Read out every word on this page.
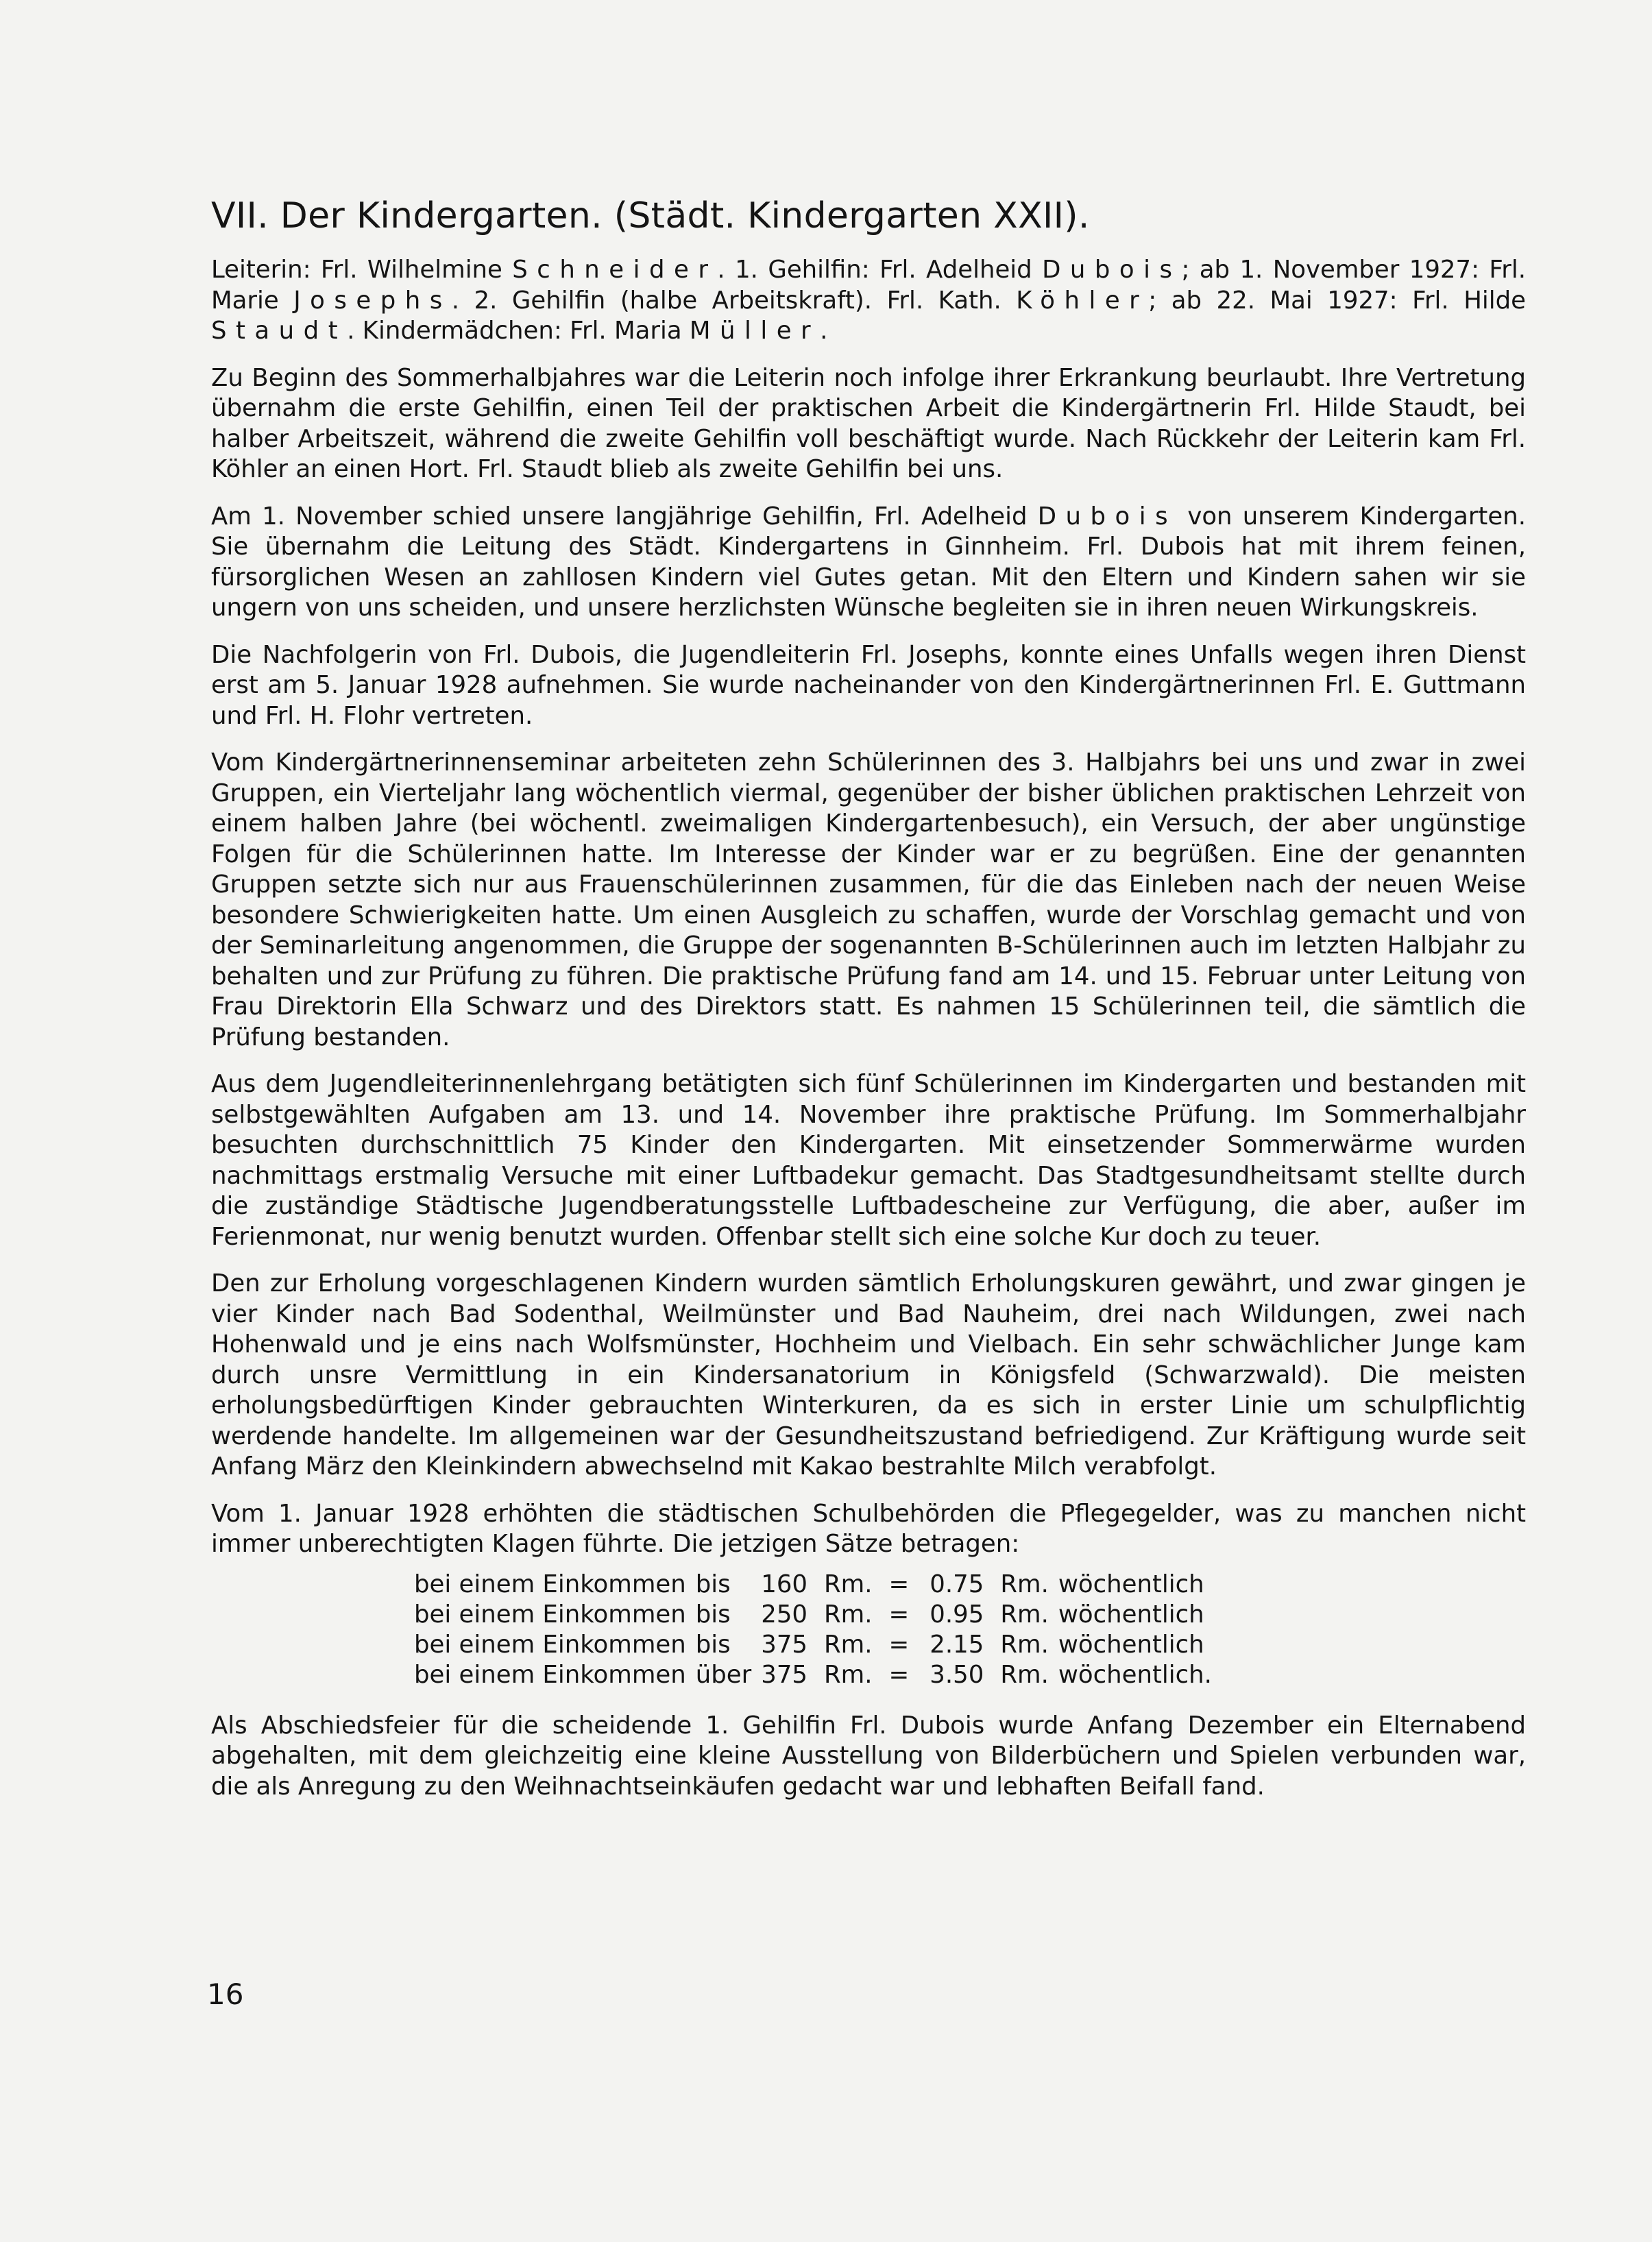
VII. Der Kindergarten. (Städt. Kindergarten XXII).

Leiterin: Frl. Wilhelmine Schneider. 1. Gehilfin: Frl. Adelheid Dubois; ab 1. November 1927: Frl. Marie Josephs. 2. Gehilfin (halbe Arbeitskraft). Frl. Kath. Köhler; ab 22. Mai 1927: Frl. Hilde Staudt. Kindermädchen: Frl. Maria Müller.

Zu Beginn des Sommerhalbjahres war die Leiterin noch infolge ihrer Erkrankung beurlaubt. Ihre Vertretung übernahm die erste Gehilfin, einen Teil der praktischen Arbeit die Kindergärtnerin Frl. Hilde Staudt, bei halber Arbeitszeit, während die zweite Gehilfin voll beschäftigt wurde. Nach Rückkehr der Leiterin kam Frl. Köhler an einen Hort. Frl. Staudt blieb als zweite Gehilfin bei uns.

Am 1. November schied unsere langjährige Gehilfin, Frl. Adelheid Dubois von unserem Kindergarten. Sie übernahm die Leitung des Städt. Kindergartens in Ginnheim. Frl. Dubois hat mit ihrem feinen, fürsorglichen Wesen an zahllosen Kindern viel Gutes getan. Mit den Eltern und Kindern sahen wir sie ungern von uns scheiden, und unsere herzlichsten Wünsche begleiten sie in ihren neuen Wirkungskreis.

Die Nachfolgerin von Frl. Dubois, die Jugendleiterin Frl. Josephs, konnte eines Unfalls wegen ihren Dienst erst am 5. Januar 1928 aufnehmen. Sie wurde nacheinander von den Kindergärtnerinnen Frl. E. Guttmann und Frl. H. Flohr vertreten.

Vom Kindergärtnerinnenseminar arbeiteten zehn Schülerinnen des 3. Halbjahrs bei uns und zwar in zwei Gruppen, ein Vierteljahr lang wöchentlich viermal, gegenüber der bisher üblichen praktischen Lehrzeit von einem halben Jahre (bei wöchentl. zweimaligen Kindergartenbesuch), ein Versuch, der aber ungünstige Folgen für die Schülerinnen hatte. Im Interesse der Kinder war er zu begrüßen. Eine der genannten Gruppen setzte sich nur aus Frauenschülerinnen zusammen, für die das Einleben nach der neuen Weise besondere Schwierigkeiten hatte. Um einen Ausgleich zu schaffen, wurde der Vorschlag gemacht und von der Seminarleitung angenommen, die Gruppe der sogenannten B-Schülerinnen auch im letzten Halbjahr zu behalten und zur Prüfung zu führen. Die praktische Prüfung fand am 14. und 15. Februar unter Leitung von Frau Direktorin Ella Schwarz und des Direktors statt. Es nahmen 15 Schülerinnen teil, die sämtlich die Prüfung bestanden.

Aus dem Jugendleiterinnenlehrgang betätigten sich fünf Schülerinnen im Kindergarten und bestanden mit selbstgewählten Aufgaben am 13. und 14. November ihre praktische Prüfung. Im Sommerhalbjahr besuchten durchschnittlich 75 Kinder den Kindergarten. Mit einsetzender Sommerwärme wurden nachmittags erstmalig Versuche mit einer Luftbadekur gemacht. Das Stadtgesundheitsamt stellte durch die zuständige Städtische Jugendberatungsstelle Luftbadescheine zur Verfügung, die aber, außer im Ferienmonat, nur wenig benutzt wurden. Offenbar stellt sich eine solche Kur doch zu teuer.

Den zur Erholung vorgeschlagenen Kindern wurden sämtlich Erholungskuren gewährt, und zwar gingen je vier Kinder nach Bad Sodenthal, Weilmünster und Bad Nauheim, drei nach Wildungen, zwei nach Hohenwald und je eins nach Wolfsmünster, Hochheim und Vielbach. Ein sehr schwächlicher Junge kam durch unsre Vermittlung in ein Kindersanatorium in Königsfeld (Schwarzwald). Die meisten erholungsbedürftigen Kinder gebrauchten Winterkuren, da es sich in erster Linie um schulpflichtig werdende handelte. Im allgemeinen war der Gesundheitszustand befriedigend. Zur Kräftigung wurde seit Anfang März den Kleinkindern abwechselnd mit Kakao bestrahlte Milch verabfolgt.

Vom 1. Januar 1928 erhöhten die städtischen Schulbehörden die Pflegegelder, was zu manchen nicht immer unberechtigten Klagen führte. Die jetzigen Sätze betragen:

bei einem Einkommen	bis	160	Rm.	=	0.75	Rm.	wöchentlich
bei einem Einkommen	bis	250	Rm.	=	0.95	Rm.	wöchentlich
bei einem Einkommen	bis	375	Rm.	=	2.15	Rm.	wöchentlich
bei einem Einkommen	über	375	Rm.	=	3.50	Rm.	wöchentlich.

Als Abschiedsfeier für die scheidende 1. Gehilfin Frl. Dubois wurde Anfang Dezember ein Elternabend abgehalten, mit dem gleichzeitig eine kleine Ausstellung von Bilderbüchern und Spielen verbunden war, die als Anregung zu den Weihnachtseinkäufen gedacht war und lebhaften Beifall fand.

16
